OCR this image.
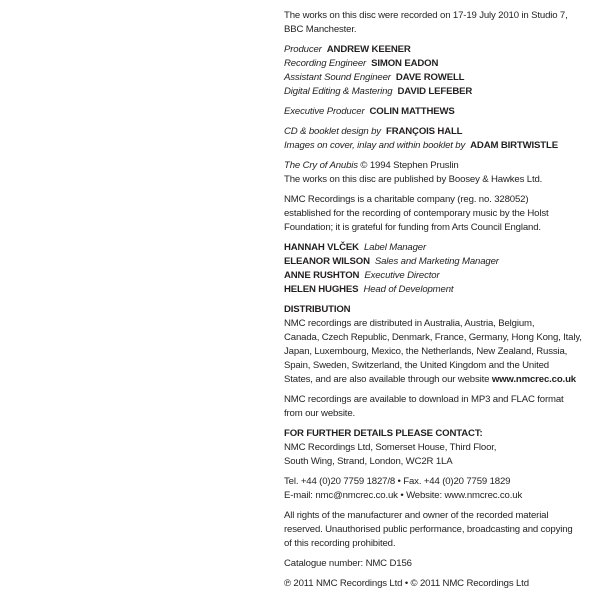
The works on this disc were recorded on 17-19 July 2010 in Studio 7,
BBC Manchester.
Producer ANDREW KEENER
Recording Engineer SIMON EADON
Assistant Sound Engineer DAVE ROWELL
Digital Editing & Mastering DAVID LEFEBER
Executive Producer COLIN MATTHEWS
CD & booklet design by FRANÇOIS HALL
Images on cover, inlay and within booklet by ADAM BIRTWISTLE
The Cry of Anubis © 1994 Stephen Pruslin
The works on this disc are published by Boosey & Hawkes Ltd.
NMC Recordings is a charitable company (reg. no. 328052)
established for the recording of contemporary music by the Holst
Foundation; it is grateful for funding from Arts Council England.
HANNAH VLČEK Label Manager
ELEANOR WILSON Sales and Marketing Manager
ANNE RUSHTON Executive Director
HELEN HUGHES Head of Development
DISTRIBUTION
NMC recordings are distributed in Australia, Austria, Belgium,
Canada, Czech Republic, Denmark, France, Germany, Hong Kong, Italy,
Japan, Luxembourg, Mexico, the Netherlands, New Zealand, Russia,
Spain, Sweden, Switzerland, the United Kingdom and the United
States, and are also available through our website www.nmcrec.co.uk
NMC recordings are available to download in MP3 and FLAC format
from our website.
FOR FURTHER DETAILS PLEASE CONTACT:
NMC Recordings Ltd, Somerset House, Third Floor,
South Wing, Strand, London, WC2R 1LA
Tel. +44 (0)20 7759 1827/8 • Fax. +44 (0)20 7759 1829
E-mail: nmc@nmcrec.co.uk • Website: www.nmcrec.co.uk
All rights of the manufacturer and owner of the recorded material
reserved. Unauthorised public performance, broadcasting and copying
of this recording prohibited.
Catalogue number: NMC D156
℗ 2011 NMC Recordings Ltd • © 2011 NMC Recordings Ltd
